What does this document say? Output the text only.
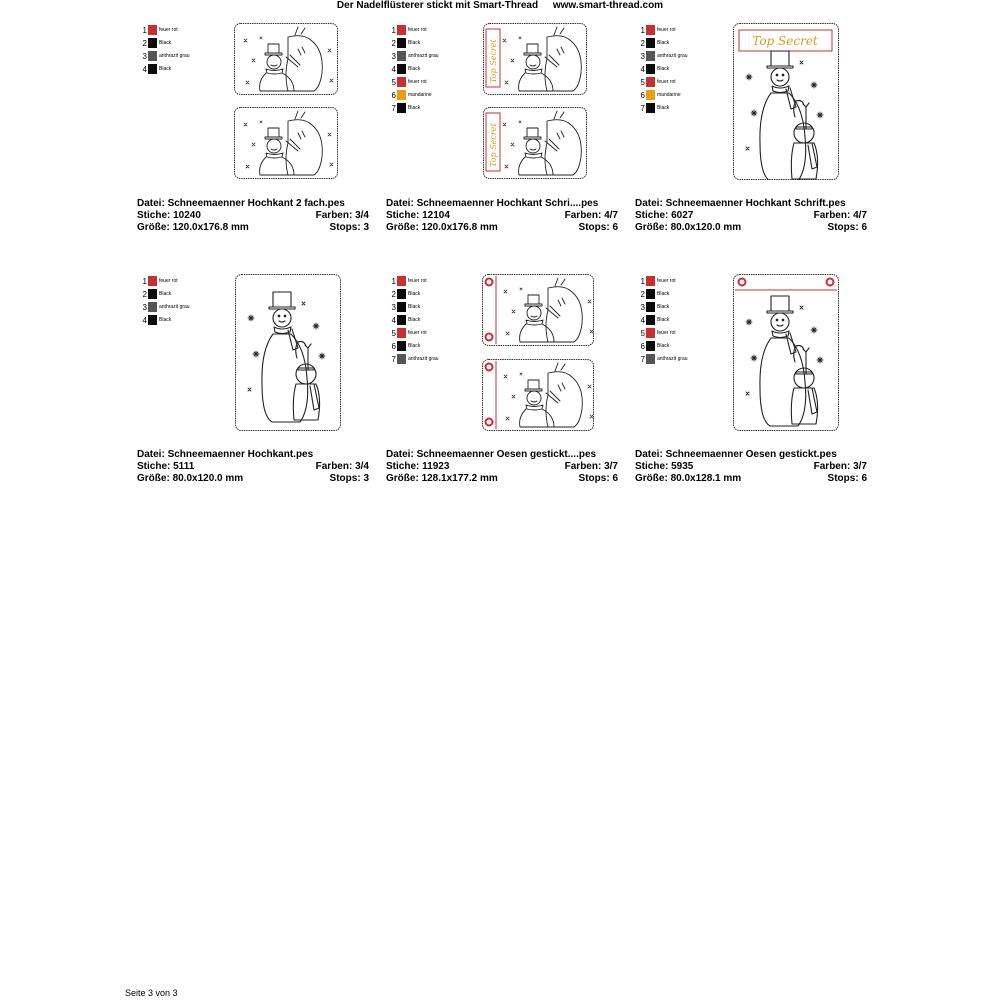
Der Nadelflüsterer stickt mit Smart-Thread www.smart-thread.com
1 feuer rot
2 Black
3 anthrazit grau
4 Black
Datei: Schneemaenner Hochkant 2 fach.pes
Stiche: 10240	Farben: 3/4
Größe: 120.0x176.8 mm	Stops: 3
1 feuer rot
2 Black
3 anthrazit grau
4 Black
5 feuer rot
6 mandarine
7 Black
Top Secret
Top Secret
Datei: Schneemaenner Hochkant Schri....pes
Stiche: 12104	Farben: 4/7
Größe: 120.0x176.8 mm	Stops: 6
1 feuer rot
2 Black
3 anthrazit grau
4 Black
5 feuer rot
6 mandarine
7 Black
Top Secret
Datei: Schneemaenner Hochkant Schrift.pes
Stiche: 6027	Farben: 4/7
Größe: 80.0x120.0 mm	Stops: 6
1 feuer rot
2 Black
3 anthrazit grau
4 Black
Datei: Schneemaenner Hochkant.pes
Stiche: 5111	Farben: 3/4
Größe: 80.0x120.0 mm	Stops: 3
1 feuer rot
2 Black
3 Black
4 Black
5 feuer rot
6 Black
7 anthrazit grau
Datei: Schneemaenner Oesen gestickt....pes
Stiche: 11923	Farben: 3/7
Größe: 128.1x177.2 mm	Stops: 6
1 feuer rot
2 Black
3 Black
4 Black
5 feuer rot
6 Black
7 anthrazit grau
Datei: Schneemaenner Oesen gestickt.pes
Stiche: 5935	Farben: 3/7
Größe: 80.0x128.1 mm	Stops: 6
Seite 3 von 3
